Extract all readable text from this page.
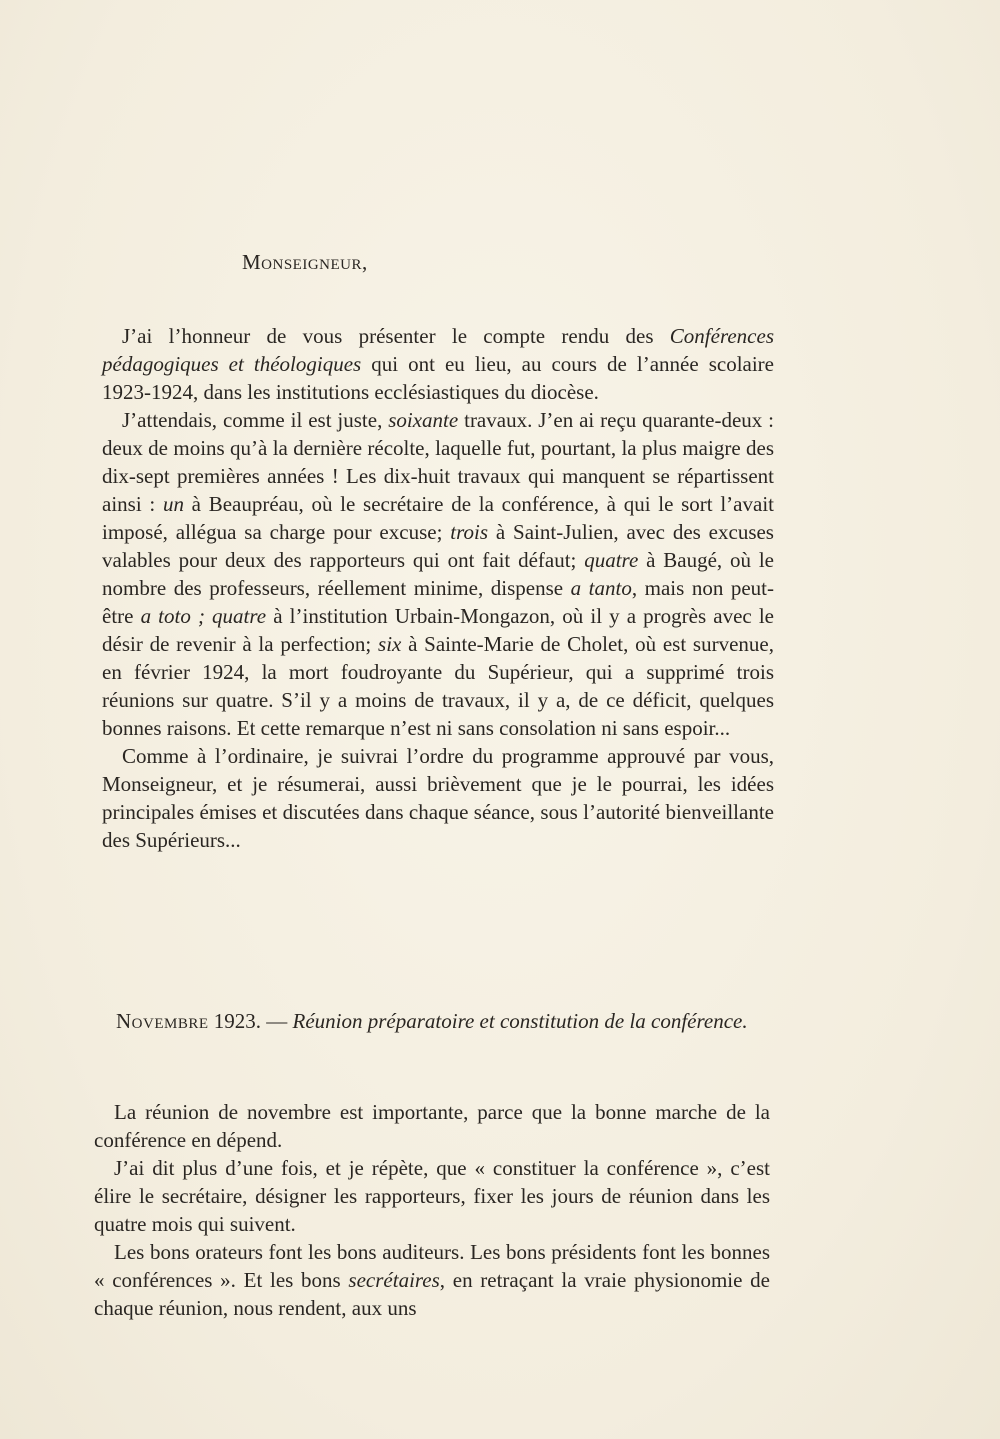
Monseigneur,

J’ai l’honneur de vous présenter le compte rendu des Conférences pédagogiques et théologiques qui ont eu lieu, au cours de l’année scolaire 1923-1924, dans les institutions ecclésiastiques du diocèse.

J’attendais, comme il est juste, soixante travaux. J’en ai reçu quarante-deux : deux de moins qu’à la dernière récolte, laquelle fut, pourtant, la plus maigre des dix-sept premières années ! Les dix-huit travaux qui manquent se répartissent ainsi : un à Beaupréau, où le secrétaire de la conférence, à qui le sort l’avait imposé, allégua sa charge pour excuse; trois à Saint-Julien, avec des excuses valables pour deux des rapporteurs qui ont fait défaut; quatre à Baugé, où le nombre des professeurs, réellement minime, dispense a tanto, mais non peut-être a toto ; quatre à l’institution Urbain-Mongazon, où il y a progrès avec le désir de revenir à la perfection; six à Sainte-Marie de Cholet, où est survenue, en février 1924, la mort foudroyante du Supérieur, qui a supprimé trois réunions sur quatre. S’il y a moins de travaux, il y a, de ce déficit, quelques bonnes raisons. Et cette remarque n’est ni sans consolation ni sans espoir...

Comme à l’ordinaire, je suivrai l’ordre du programme approuvé par vous, Monseigneur, et je résumerai, aussi brièvement que je le pourrai, les idées principales émises et discutées dans chaque séance, sous l’autorité bienveillante des Supérieurs...

Novembre 1923. — Réunion préparatoire et constitution de la conférence.

La réunion de novembre est importante, parce que la bonne marche de la conférence en dépend.

J’ai dit plus d’une fois, et je répète, que « constituer la conférence », c’est élire le secrétaire, désigner les rapporteurs, fixer les jours de réunion dans les quatre mois qui suivent.

Les bons orateurs font les bons auditeurs. Les bons présidents font les bonnes « conférences ». Et les bons secrétaires, en retraçant la vraie physionomie de chaque réunion, nous rendent, aux uns
